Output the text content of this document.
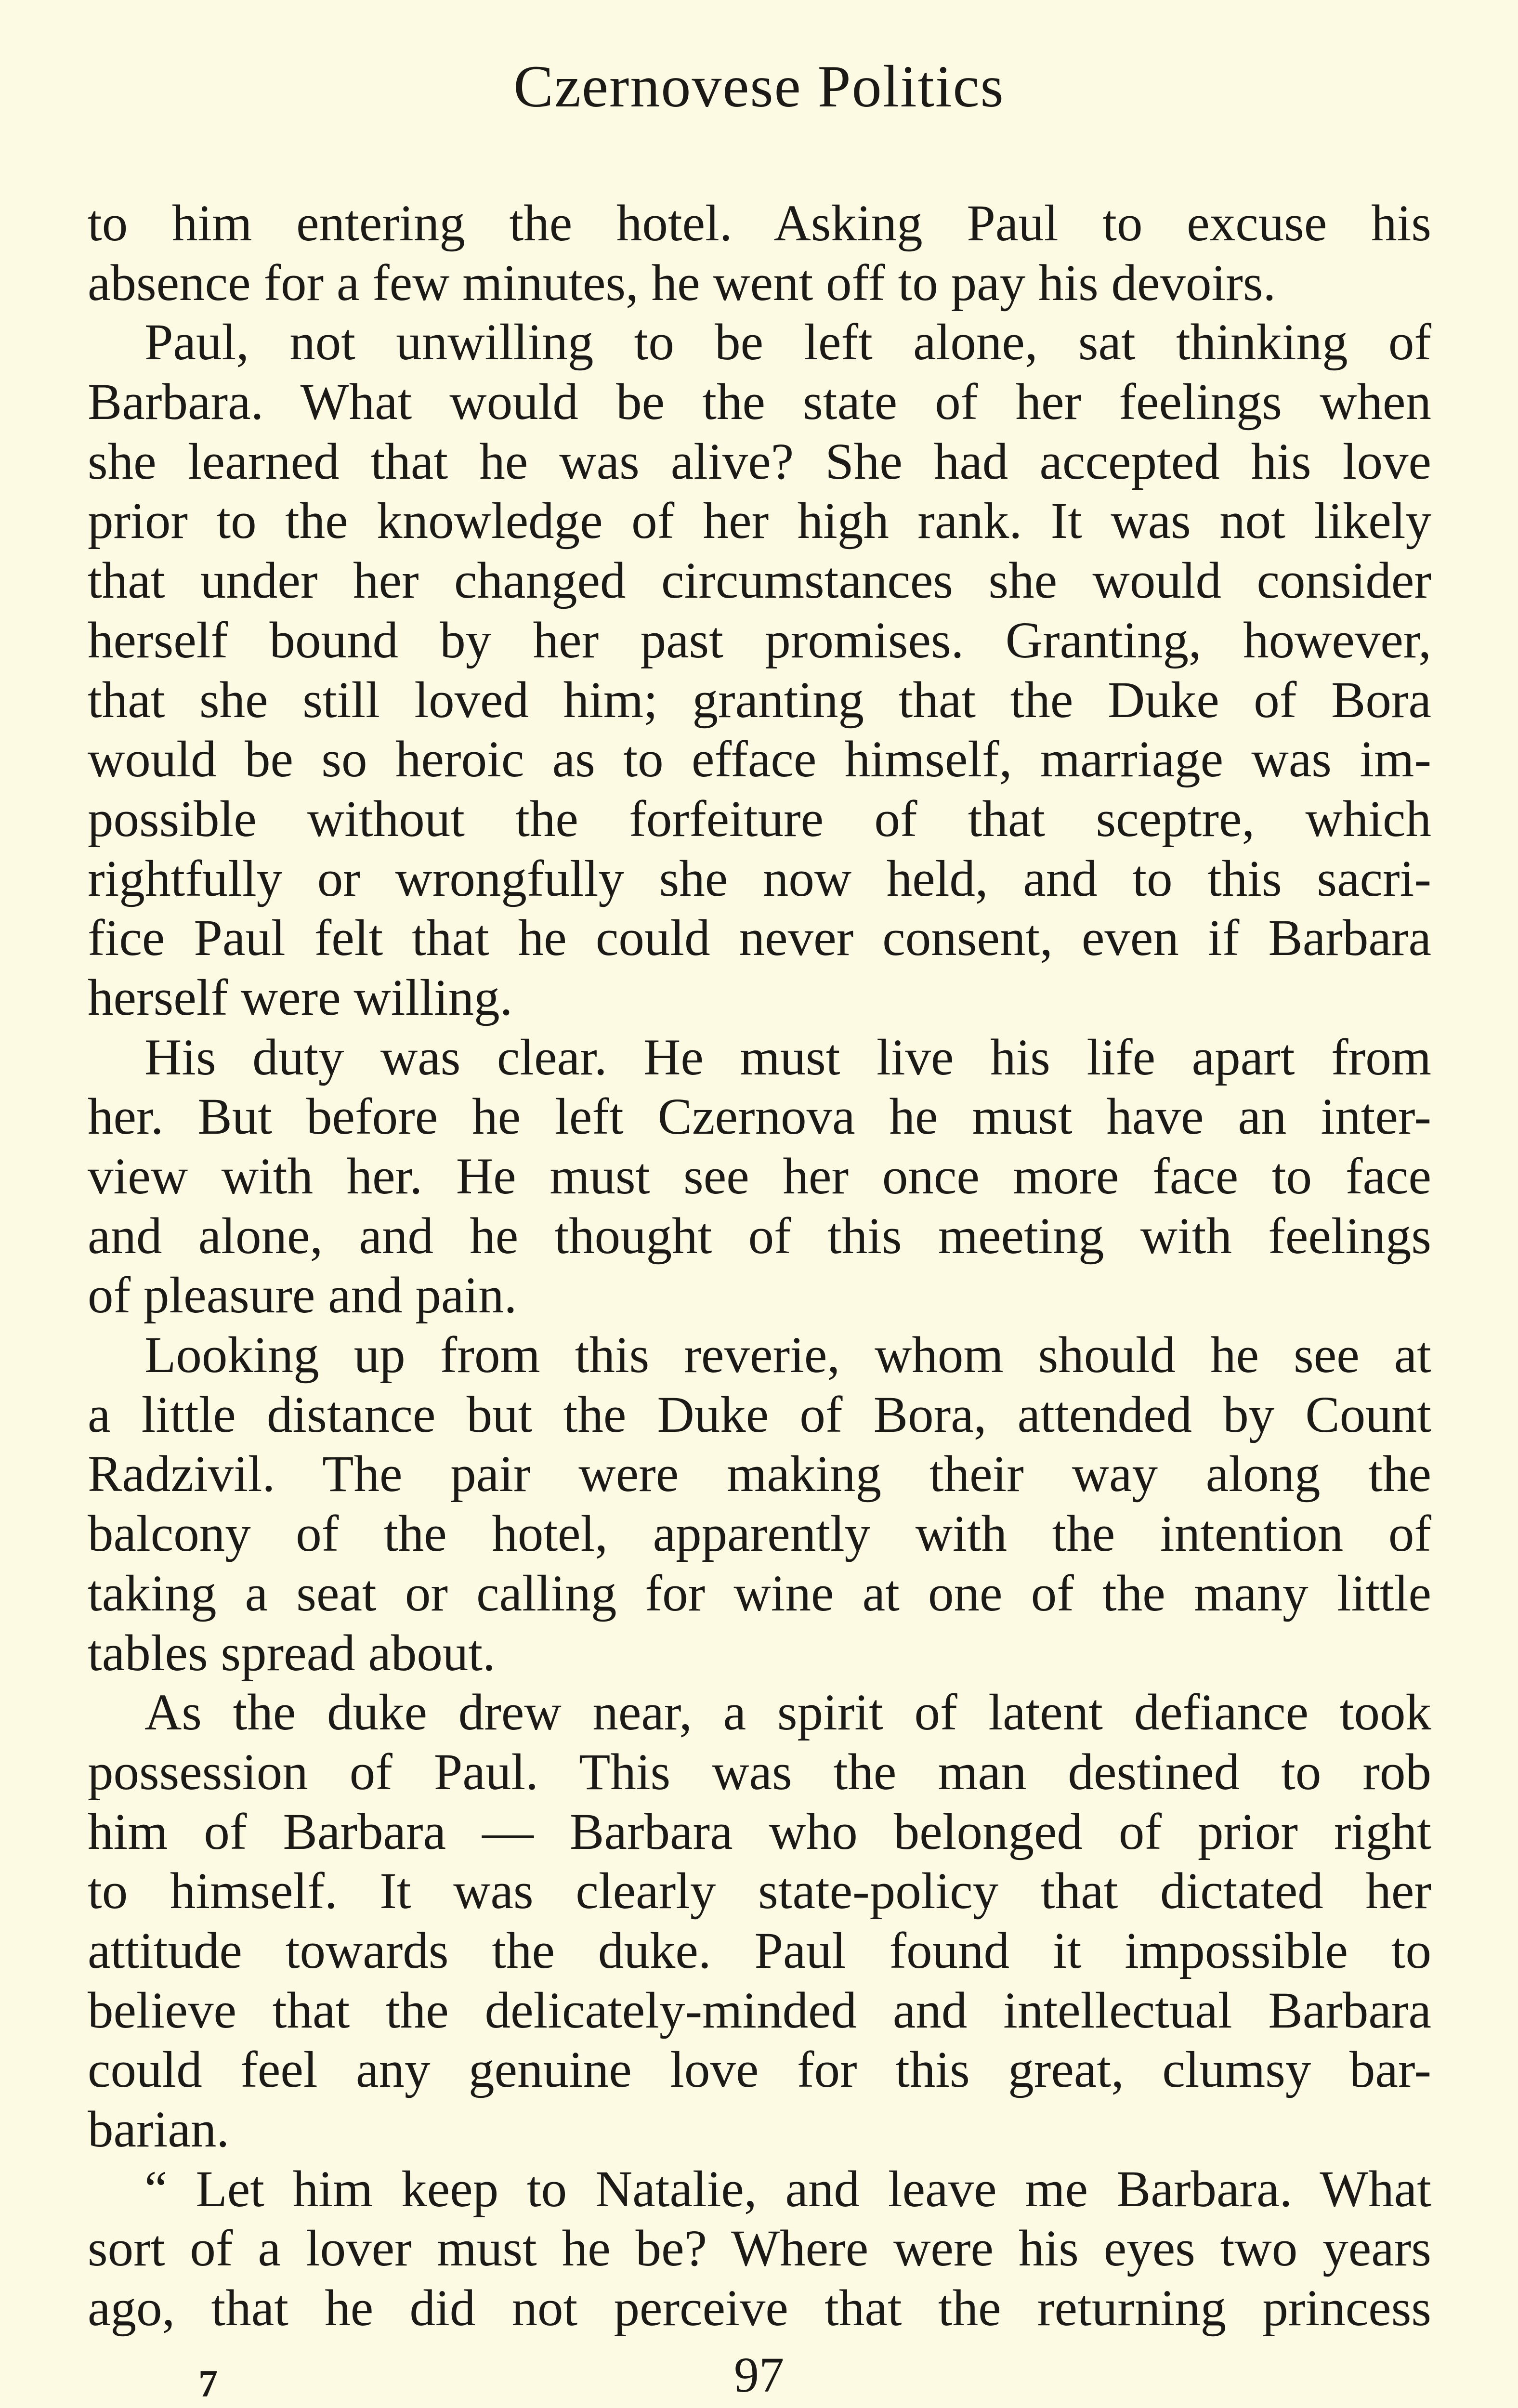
Czernovese Politics
to him entering the hotel. Asking Paul to excuse his
absence for a few minutes, he went off to pay his devoirs.
Paul, not unwilling to be left alone, sat thinking of
Barbara. What would be the state of her feelings when
she learned that he was alive? She had accepted his love
prior to the knowledge of her high rank. It was not likely
that under her changed circumstances she would consider
herself bound by her past promises. Granting, however,
that she still loved him; granting that the Duke of Bora
would be so heroic as to efface himself, marriage was im-
possible without the forfeiture of that sceptre, which
rightfully or wrongfully she now held, and to this sacri-
fice Paul felt that he could never consent, even if Barbara
herself were willing.
His duty was clear. He must live his life apart from
her. But before he left Czernova he must have an inter-
view with her. He must see her once more face to face
and alone, and he thought of this meeting with feelings
of pleasure and pain.
Looking up from this reverie, whom should he see at
a little distance but the Duke of Bora, attended by Count
Radzivil. The pair were making their way along the
balcony of the hotel, apparently with the intention of
taking a seat or calling for wine at one of the many little
tables spread about.
As the duke drew near, a spirit of latent defiance took
possession of Paul. This was the man destined to rob
him of Barbara — Barbara who belonged of prior right
to himself. It was clearly state-policy that dictated her
attitude towards the duke. Paul found it impossible to
believe that the delicately-minded and intellectual Barbara
could feel any genuine love for this great, clumsy bar-
barian.
“ Let him keep to Natalie, and leave me Barbara. What
sort of a lover must he be? Where were his eyes two years
ago, that he did not perceive that the returning princess
7	97
